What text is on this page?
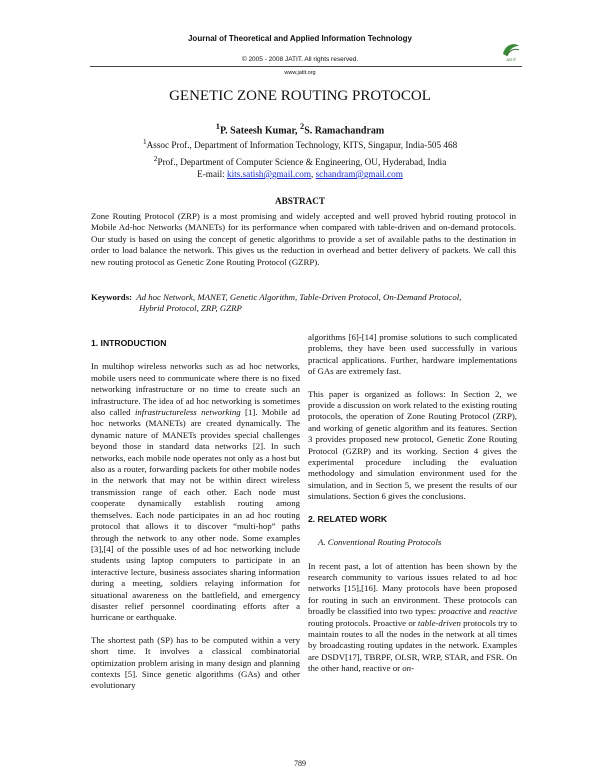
Journal of Theoretical and Applied Information Technology
JATIT
© 2005 - 2008 JATIT. All rights reserved.
www.jatit.org
GENETIC ZONE ROUTING PROTOCOL
$^1$P. Sateesh Kumar, $^2$S. Ramachandram
$^1$Assoc Prof., Department of Information Technology, KITS, Singapur, India-505 468
$^2$Prof., Department of Computer Science & Engineering, OU, Hyderabad, India
E-mail: kits.satish@gmail.com, schandram@gmail.com
ABSTRACT

Zone Routing Protocol (ZRP) is a most promising and widely accepted and well proved hybrid routing protocol in Mobile Ad-hoc Networks (MANETs) for its performance when compared with table-driven and on-demand protocols. Our study is based on using the concept of genetic algorithms to provide a set of available paths to the destination in order to load balance the network. This gives us the reduction in overhead and better delivery of packets. We call this new routing protocol as Genetic Zone Routing Protocol (GZRP).

Keywords: Ad hoc Network, MANET, Genetic Algorithm, Table-Driven Protocol, On-Demand Protocol,
Hybrid Protocol, ZRP, GZRP
1. INTRODUCTION

In multihop wireless networks such as ad hoc networks, mobile users need to communicate where there is no fixed networking infrastructure or no time to create such an infrastructure. The idea of ad hoc networking is sometimes also called infrastructureless networking [1]. Mobile ad hoc networks (MANETs) are created dynamically. The dynamic nature of MANETs provides special challenges beyond those in standard data networks [2]. In such networks, each mobile node operates not only as a host but also as a router, forwarding packets for other mobile nodes in the network that may not be within direct wireless transmission range of each other. Each node must cooperate dynamically establish routing among themselves. Each node participates in an ad hoc routing protocol that allows it to discover “multi-hop” paths through the network to any other node. Some examples [3],[4] of the possible uses of ad hoc networking include students using laptop computers to participate in an interactive lecture, business associates sharing information during a meeting, soldiers relaying information for situational awareness on the battlefield, and emergency disaster relief personnel coordinating efforts after a hurricane or earthquake.

The shortest path (SP) has to be computed within a very short time. It involves a classical combinatorial optimization problem arising in many design and planning contexts [5]. Since genetic algorithms (GAs) and other evolutionary

algorithms [6]-[14] promise solutions to such complicated problems, they have been used successfully in various practical applications. Further, hardware implementations of GAs are extremely fast.

This paper is organized as follows: In Section 2, we provide a discussion on work related to the existing routing protocols, the operation of Zone Routing Protocol (ZRP), and working of genetic algorithm and its features. Section 3 provides proposed new protocol, Genetic Zone Routing Protocol (GZRP) and its working. Section 4 gives the experimental procedure including the evaluation methodology and simulation environment used for the simulation, and in Section 5, we present the results of our simulations. Section 6 gives the conclusions.

2. RELATED WORK
A. Conventional Routing Protocols

In recent past, a lot of attention has been shown by the research community to various issues related to ad hoc networks [15],[16]. Many protocols have been proposed for routing in such an environment. These protocols can broadly be classified into two types: proactive and reactive routing protocols. Proactive or table-driven protocols try to maintain routes to all the nodes in the network at all times by broadcasting routing updates in the network. Examples are DSDV[17], TBRPF, OLSR, WRP, STAR, and FSR. On the other hand, reactive or on-

789
